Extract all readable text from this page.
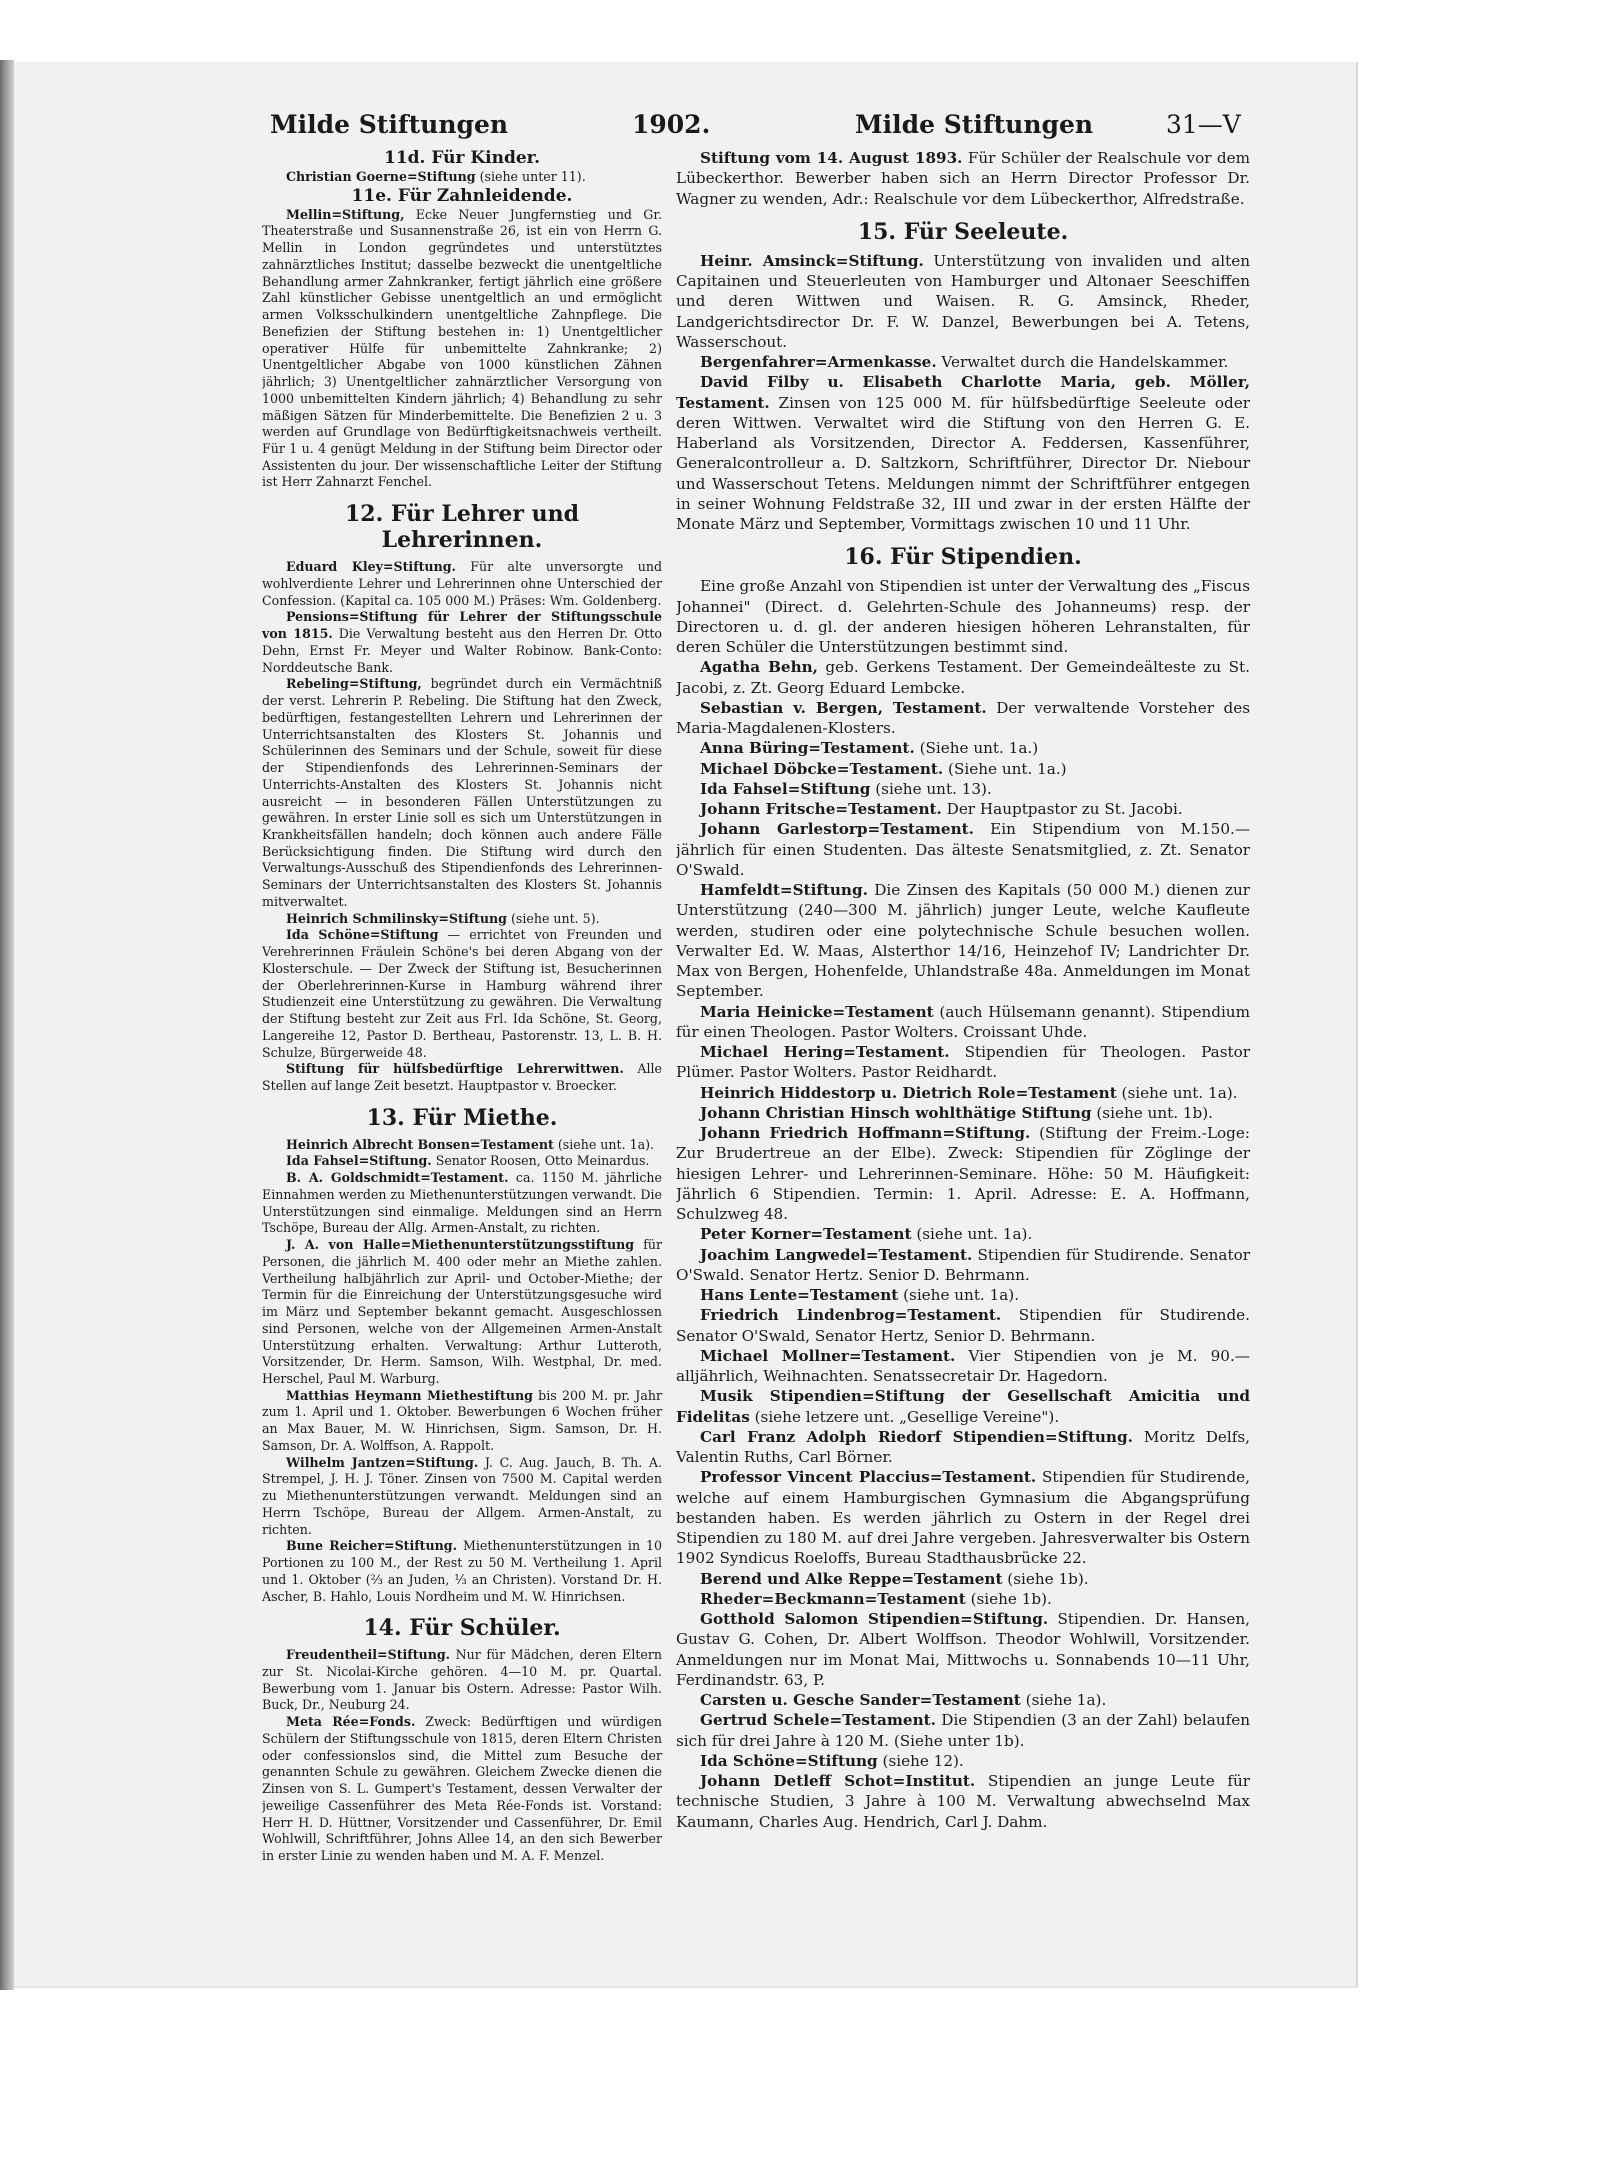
Milde Stiftungen	1902.	Milde Stiftungen	31—V
11d. Für Kinder.

Christian Goerne=Stiftung (siehe unter 11).

11e. Für Zahnleidende.

Mellin=Stiftung, Ecke Neuer Jungfernstieg und Gr. Theaterstraße und Susannenstraße 26, ist ein von Herrn G. Mellin in London gegründetes und unterstütztes zahnärztliches Institut; dasselbe bezweckt die unentgeltliche Behandlung armer Zahnkranker, fertigt jährlich eine größere Zahl künstlicher Gebisse unentgeltlich an und ermöglicht armen Volksschulkindern unentgeltliche Zahnpflege. Die Benefizien der Stiftung bestehen in: 1) Unentgeltlicher operativer Hülfe für unbemittelte Zahnkranke; 2) Unentgeltlicher Abgabe von 1000 künstlichen Zähnen jährlich; 3) Unentgeltlicher zahnärztlicher Versorgung von 1000 unbemittelten Kindern jährlich; 4) Behandlung zu sehr mäßigen Sätzen für Minderbemittelte. Die Benefizien 2 u. 3 werden auf Grundlage von Bedürftigkeitsnachweis vertheilt. Für 1 u. 4 genügt Meldung in der Stiftung beim Director oder Assistenten du jour. Der wissenschaftliche Leiter der Stiftung ist Herr Zahnarzt Fenchel.

12. Für Lehrer und Lehrerinnen.

Eduard Kley=Stiftung. Für alte unversorgte und wohlverdiente Lehrer und Lehrerinnen ohne Unterschied der Confession. (Kapital ca. 105 000 M.) Präses: Wm. Goldenberg.

Pensions=Stiftung für Lehrer der Stiftungsschule von 1815. Die Verwaltung besteht aus den Herren Dr. Otto Dehn, Ernst Fr. Meyer und Walter Robinow. Bank-Conto: Norddeutsche Bank.

Rebeling=Stiftung, begründet durch ein Vermächtniß der verst. Lehrerin P. Rebeling. Die Stiftung hat den Zweck, bedürftigen, festangestellten Lehrern und Lehrerinnen der Unterrichtsanstalten des Klosters St. Johannis und Schülerinnen des Seminars und der Schule, soweit für diese der Stipendienfonds des Lehrerinnen-Seminars der Unterrichts-Anstalten des Klosters St. Johannis nicht ausreicht — in besonderen Fällen Unterstützungen zu gewähren. In erster Linie soll es sich um Unterstützungen in Krankheitsfällen handeln; doch können auch andere Fälle Berücksichtigung finden. Die Stiftung wird durch den Verwaltungs-Ausschuß des Stipendienfonds des Lehrerinnen-Seminars der Unterrichtsanstalten des Klosters St. Johannis mitverwaltet.

Heinrich Schmilinsky=Stiftung (siehe unt. 5).

Ida Schöne=Stiftung — errichtet von Freunden und Verehrerinnen Fräulein Schöne's bei deren Abgang von der Klosterschule. — Der Zweck der Stiftung ist, Besucherinnen der Oberlehrerinnen-Kurse in Hamburg während ihrer Studienzeit eine Unterstützung zu gewähren. Die Verwaltung der Stiftung besteht zur Zeit aus Frl. Ida Schöne, St. Georg, Langereihe 12, Pastor D. Bertheau, Pastorenstr. 13, L. B. H. Schulze, Bürgerweide 48.

Stiftung für hülfsbedürftige Lehrerwittwen. Alle Stellen auf lange Zeit besetzt. Hauptpastor v. Broecker.

13. Für Miethe.

Heinrich Albrecht Bonsen=Testament (siehe unt. 1a).

Ida Fahsel=Stiftung. Senator Roosen, Otto Meinardus.

B. A. Goldschmidt=Testament. ca. 1150 M. jährliche Einnahmen werden zu Miethenunterstützungen verwandt. Die Unterstützungen sind einmalige. Meldungen sind an Herrn Tschöpe, Bureau der Allg. Armen-Anstalt, zu richten.

J. A. von Halle=Miethenunterstützungsstiftung für Personen, die jährlich M. 400 oder mehr an Miethe zahlen. Vertheilung halbjährlich zur April- und October-Miethe; der Termin für die Einreichung der Unterstützungsgesuche wird im März und September bekannt gemacht. Ausgeschlossen sind Personen, welche von der Allgemeinen Armen-Anstalt Unterstützung erhalten. Verwaltung: Arthur Lutteroth, Vorsitzender, Dr. Herm. Samson, Wilh. Westphal, Dr. med. Herschel, Paul M. Warburg.

Matthias Heymann Miethestiftung bis 200 M. pr. Jahr zum 1. April und 1. Oktober. Bewerbungen 6 Wochen früher an Max Bauer, M. W. Hinrichsen, Sigm. Samson, Dr. H. Samson, Dr. A. Wolffson, A. Rappolt.

Wilhelm Jantzen=Stiftung. J. C. Aug. Jauch, B. Th. A. Strempel, J. H. J. Töner. Zinsen von 7500 M. Capital werden zu Miethenunterstützungen verwandt. Meldungen sind an Herrn Tschöpe, Bureau der Allgem. Armen-Anstalt, zu richten.

Bune Reicher=Stiftung. Miethenunterstützungen in 10 Portionen zu 100 M., der Rest zu 50 M. Vertheilung 1. April und 1. Oktober (⅔ an Juden, ⅓ an Christen). Vorstand Dr. H. Ascher, B. Hahlo, Louis Nordheim und M. W. Hinrichsen.

14. Für Schüler.

Freudentheil=Stiftung. Nur für Mädchen, deren Eltern zur St. Nicolai-Kirche gehören. 4—10 M. pr. Quartal. Bewerbung vom 1. Januar bis Ostern. Adresse: Pastor Wilh. Buck, Dr., Neuburg 24.

Meta Rée=Fonds. Zweck: Bedürftigen und würdigen Schülern der Stiftungsschule von 1815, deren Eltern Christen oder confessionslos sind, die Mittel zum Besuche der genannten Schule zu gewähren. Gleichem Zwecke dienen die Zinsen von S. L. Gumpert's Testament, dessen Verwalter der jeweilige Cassenführer des Meta Rée-Fonds ist. Vorstand: Herr H. D. Hüttner, Vorsitzender und Cassenführer, Dr. Emil Wohlwill, Schriftführer, Johns Allee 14, an den sich Bewerber in erster Linie zu wenden haben und M. A. F. Menzel.

Stiftung vom 14. August 1893. Für Schüler der Realschule vor dem Lübeckerthor. Bewerber haben sich an Herrn Director Professor Dr. Wagner zu wenden, Adr.: Realschule vor dem Lübeckerthor, Alfredstraße.

15. Für Seeleute.

Heinr. Amsinck=Stiftung. Unterstützung von invaliden und alten Capitainen und Steuerleuten von Hamburger und Altonaer Seeschiffen und deren Wittwen und Waisen. R. G. Amsinck, Rheder, Landgerichtsdirector Dr. F. W. Danzel, Bewerbungen bei A. Tetens, Wasserschout.

Bergenfahrer=Armenkasse. Verwaltet durch die Handelskammer.

David Filby u. Elisabeth Charlotte Maria, geb. Möller, Testament. Zinsen von 125 000 M. für hülfsbedürftige Seeleute oder deren Wittwen. Verwaltet wird die Stiftung von den Herren G. E. Haberland als Vorsitzenden, Director A. Feddersen, Kassenführer, Generalcontrolleur a. D. Saltzkorn, Schriftführer, Director Dr. Niebour und Wasserschout Tetens. Meldungen nimmt der Schriftführer entgegen in seiner Wohnung Feldstraße 32, III und zwar in der ersten Hälfte der Monate März und September, Vormittags zwischen 10 und 11 Uhr.

16. Für Stipendien.

Eine große Anzahl von Stipendien ist unter der Verwaltung des „Fiscus Johannei" (Direct. d. Gelehrten-Schule des Johanneums) resp. der Directoren u. d. gl. der anderen hiesigen höheren Lehranstalten, für deren Schüler die Unterstützungen bestimmt sind.

Agatha Behn, geb. Gerkens Testament. Der Gemeindeälteste zu St. Jacobi, z. Zt. Georg Eduard Lembcke.

Sebastian v. Bergen, Testament. Der verwaltende Vorsteher des Maria-Magdalenen-Klosters.

Anna Büring=Testament. (Siehe unt. 1a.)

Michael Döbcke=Testament. (Siehe unt. 1a.)

Ida Fahsel=Stiftung (siehe unt. 13).

Johann Fritsche=Testament. Der Hauptpastor zu St. Jacobi.

Johann Garlestorp=Testament. Ein Stipendium von M.150.— jährlich für einen Studenten. Das älteste Senatsmitglied, z. Zt. Senator O'Swald.

Hamfeldt=Stiftung. Die Zinsen des Kapitals (50 000 M.) dienen zur Unterstützung (240—300 M. jährlich) junger Leute, welche Kaufleute werden, studiren oder eine polytechnische Schule besuchen wollen. Verwalter Ed. W. Maas, Alsterthor 14/16, Heinzehof IV; Landrichter Dr. Max von Bergen, Hohenfelde, Uhlandstraße 48a. Anmeldungen im Monat September.

Maria Heinicke=Testament (auch Hülsemann genannt). Stipendium für einen Theologen. Pastor Wolters. Croissant Uhde.

Michael Hering=Testament. Stipendien für Theologen. Pastor Plümer. Pastor Wolters. Pastor Reidhardt.

Heinrich Hiddestorp u. Dietrich Role=Testament (siehe unt. 1a).

Johann Christian Hinsch wohlthätige Stiftung (siehe unt. 1b).

Johann Friedrich Hoffmann=Stiftung. (Stiftung der Freim.-Loge: Zur Brudertreue an der Elbe). Zweck: Stipendien für Zöglinge der hiesigen Lehrer- und Lehrerinnen-Seminare. Höhe: 50 M. Häufigkeit: Jährlich 6 Stipendien. Termin: 1. April. Adresse: E. A. Hoffmann, Schulzweg 48.

Peter Korner=Testament (siehe unt. 1a).

Joachim Langwedel=Testament. Stipendien für Studirende. Senator O'Swald. Senator Hertz. Senior D. Behrmann.

Hans Lente=Testament (siehe unt. 1a).

Friedrich Lindenbrog=Testament. Stipendien für Studirende. Senator O'Swald, Senator Hertz, Senior D. Behrmann.

Michael Mollner=Testament. Vier Stipendien von je M. 90.— alljährlich, Weihnachten. Senatssecretair Dr. Hagedorn.

Musik Stipendien=Stiftung der Gesellschaft Amicitia und Fidelitas (siehe letzere unt. „Gesellige Vereine").

Carl Franz Adolph Riedorf Stipendien=Stiftung. Moritz Delfs, Valentin Ruths, Carl Börner.

Professor Vincent Placcius=Testament. Stipendien für Studirende, welche auf einem Hamburgischen Gymnasium die Abgangsprüfung bestanden haben. Es werden jährlich zu Ostern in der Regel drei Stipendien zu 180 M. auf drei Jahre vergeben. Jahresverwalter bis Ostern 1902 Syndicus Roeloffs, Bureau Stadthausbrücke 22.

Berend und Alke Reppe=Testament (siehe 1b).

Rheder=Beckmann=Testament (siehe 1b).

Gotthold Salomon Stipendien=Stiftung. Stipendien. Dr. Hansen, Gustav G. Cohen, Dr. Albert Wolffson. Theodor Wohlwill, Vorsitzender. Anmeldungen nur im Monat Mai, Mittwochs u. Sonnabends 10—11 Uhr, Ferdinandstr. 63, P.

Carsten u. Gesche Sander=Testament (siehe 1a).

Gertrud Schele=Testament. Die Stipendien (3 an der Zahl) belaufen sich für drei Jahre à 120 M. (Siehe unter 1b).

Ida Schöne=Stiftung (siehe 12).

Johann Detleff Schot=Institut. Stipendien an junge Leute für technische Studien, 3 Jahre à 100 M. Verwaltung abwechselnd Max Kaumann, Charles Aug. Hendrich, Carl J. Dahm.
